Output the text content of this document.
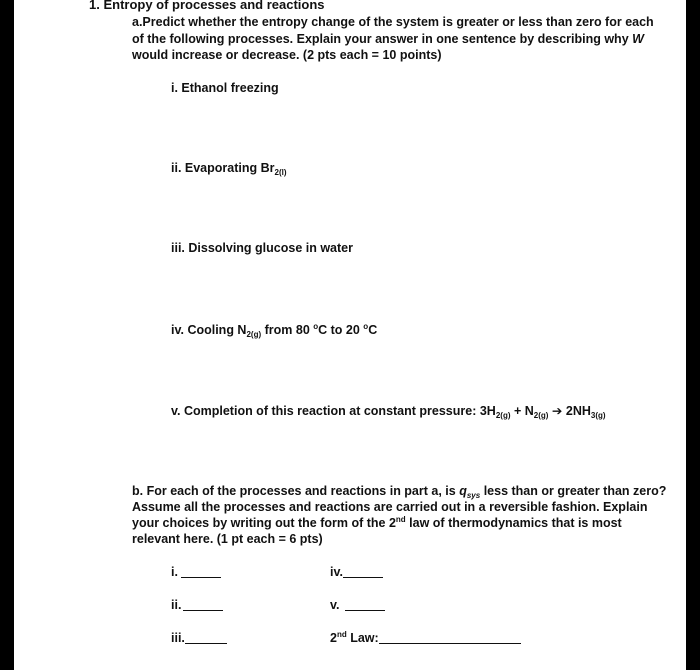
1. Entropy of processes and reactions
a.Predict whether the entropy change of the system is greater or less than zero for each
of the following processes. Explain your answer in one sentence by describing why W
would increase or decrease. (2 pts each = 10 points)
i. Ethanol freezing
ii. Evaporating $Br_{2(l)}$
iii. Dissolving glucose in water
iv. Cooling $N_{2(g)}$ from 80 $^o$C to 20 $^o$C
v. Completion of this reaction at constant pressure: $3H_{2(g)} + N_{2(g)}$ ➔ $2NH_{3(g)}$
b. For each of the processes and reactions in part a, is $q_{sys}$ less than or greater than zero?
Assume all the processes and reactions are carried out in a reversible fashion. Explain
your choices by writing out the form of the 2nd law of thermodynamics that is most
relevant here. (1 pt each = 6 pts)
i.
ii.
iii.
iv.
v.
2nd Law:
